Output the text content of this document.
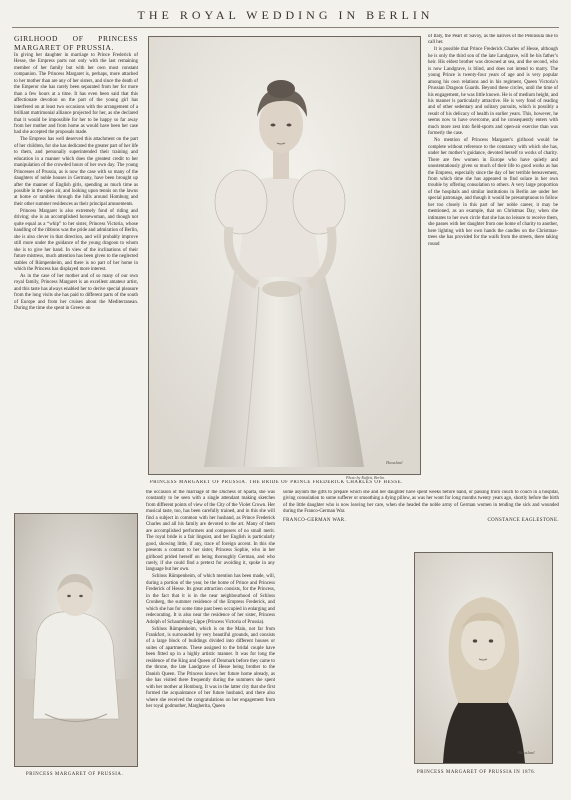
THE ROYAL WEDDING IN BERLIN
GIRLHOOD OF PRINCESS MARGARET OF PRUSSIA.

In giving her daughter in marriage to Prince Frederick of Hesse, the Empress parts not only with the last remaining member of her family but with her own most constant companion. The Princess Margaret is, perhaps, more attached to her mother than are any of her sisters, and since the death of the Emperor she has rarely been separated from her for more than a few hours at a time. It has even been said that this affectionate devotion on the part of the young girl has interfered on at least two occasions with the arrangement of a brilliant matrimonial alliance projected for her, as she declared that it would be impossible for her to be happy so far away from her mother and from home as would have been her case had she accepted the proposals made.

The Empress has well deserved this attachment on the part of her children, for she has dedicated the greater part of her life to them, and personally superintended their training and education in a manner which does the greatest credit to her manipulation of the crowded hours of her own day. The young Princesses of Prussia, as is now the case with so many of the daughters of noble houses in Germany, have been brought up after the manner of English girls, spending as much time as possible in the open air, and looking upon tennis on the lawns at home or rambles through the hills around Homburg and their other summer residences as their principal amusements.

Princess Margaret is also extremely fond of riding and driving; she is an accomplished horsewoman, and though not quite equal as a “whip” to her sister, Princess Victoria, whose handling of the ribbons was the pride and admiration of Berlin, she is also clever in that direction, and will probably improve still more under the guidance of the young dragoon to whom she is to give her hand. In view of the inclinations of their future mistress, much attention has been given to the neglected stables of Rümpenheim, and there is no part of her home in which the Princess has displayed more interest.

As in the case of her mother and of so many of our own royal family, Princess Margaret is an excellent amateur artist, and this taste has always enabled her to derive special pleasure from the long visits she has paid to different parts of the south of Europe and from her cruises about the Mediterranean. During the time she spent in Greece on

Hauslanl
Photo by Ruffett, Berlin.
PRINCESS MARGARET OF PRUSSIA. THE BRIDE OF PRINCE FREDERICK CHARLES OF HESSE.

of Italy, the Pearl of Savoy, as the natives of the Peninsula like to call her.

It is possible that Prince Frederick Charles of Hesse, although he is only the third son of the late Landgrave, will be his father’s heir. His eldest brother was drowned at sea, and the second, who is now Landgrave, is blind, and does not intend to marry. The young Prince is twenty-four years of age and is very popular among his own relations and in his regiment, Queen Victoria’s Prussian Dragoon Guards. Beyond these circles, until the time of his engagement, he was little known. He is of medium height, and his manner is particularly attractive. He is very fond of reading and of other sedentary and solitary pursuits, which is possibly a result of his delicacy of health in earlier years. This, however, he seems now to have overcome, and he consequently enters with much more zest into field-sports and open-air exercise than was formerly the case.

No mention of Princess Margaret’s girlhood would be complete without reference to the constancy with which she has, under her mother’s guidance, devoted herself to works of charity. There are few women in Europe who have quietly and unostentatiously given so much of their life to good works as has the Empress, especially since the day of her terrible bereavement, from which time she has appeared to find solace in her own trouble by offering consolation to others. A very large proportion of the hospitals and similar institutions in Berlin are under her special patronage, and though it would be presumptuous to follow her too closely in this part of her noble career, it may be mentioned, as an example, that on Christmas Day, when she intimates to her own circle that she has no leisure to receive them, she passes with her daughter from one home of charity to another, here lighting with her own hands the candles on the Christmas-trees she has provided for the waifs from the streets, there taking round

PRINCESS MARGARET OF PRUSSIA.

the occasion of the marriage of the Duchess of Sparta, she was constantly to be seen with a single attendant making sketches from different points of view of the City of the Violet Crown. Her musical taste, too, has been carefully trained, and in this she will find a subject in common with her husband, as Prince Frederick Charles and all his family are devoted to the art. Many of them are accomplished performers and composers of no small merit. The royal bride is a fair linguist, and her English is particularly good, showing little, if any, trace of foreign accent. In this she presents a contrast to her sister, Princess Sophie, who in her girlhood prided herself on being thoroughly German, and who rarely, if she could find a pretext for avoiding it, spoke in any language but her own.

Schloss Rümpenheim, of which mention has been made, will, during a portion of the year, be the home of Prince and Princess Frederick of Hesse. Its great attraction consists, for the Princess, in the fact that it is in the near neighbourhood of Schloss Cronberg, the summer residence of the Empress Frederick, and which she has for some time past been occupied in enlarging and redecorating. It is also near the residence of her sister, Princess Adolph of Schaumburg-Lippe (Princess Victoria of Prussia).

Schloss Rümpenheim, which is on the Main, not far from Frankfort, is surrounded by very beautiful grounds, and consists of a large block of buildings divided into different houses or suites of apartments. These assigned to the bridal couple have been fitted up in a highly artistic manner. It was for long the residence of the King and Queen of Denmark before they came to the throne, the late Landgrave of Hesse being brother to the Danish Queen. The Princess knows her future home already, as she has visited there frequently during the summers she spent with her mother at Homburg. It was in the latter city that she first formed the acquaintance of her future husband, and there also where she received the congratulations on her engagement from her royal godmother, Margherita, Queen

some asylum the gifts to prepare which she and her daughter have spent weeks before hand, or passing from couch to couch in a hospital, giving consolation to some sufferer or smoothing a dying pillow, as was her wont for long months twenty years ago, shortly before the birth of the little daughter who is now leaving her care, when she headed the noble army of German women in tending the sick and wounded during the Franco-German War.

FRANCO-GERMAN WAR.	CONSTANCE EAGLESTONE.
Hauslanl
PRINCESS MARGARET OF PRUSSIA IN 1876.
